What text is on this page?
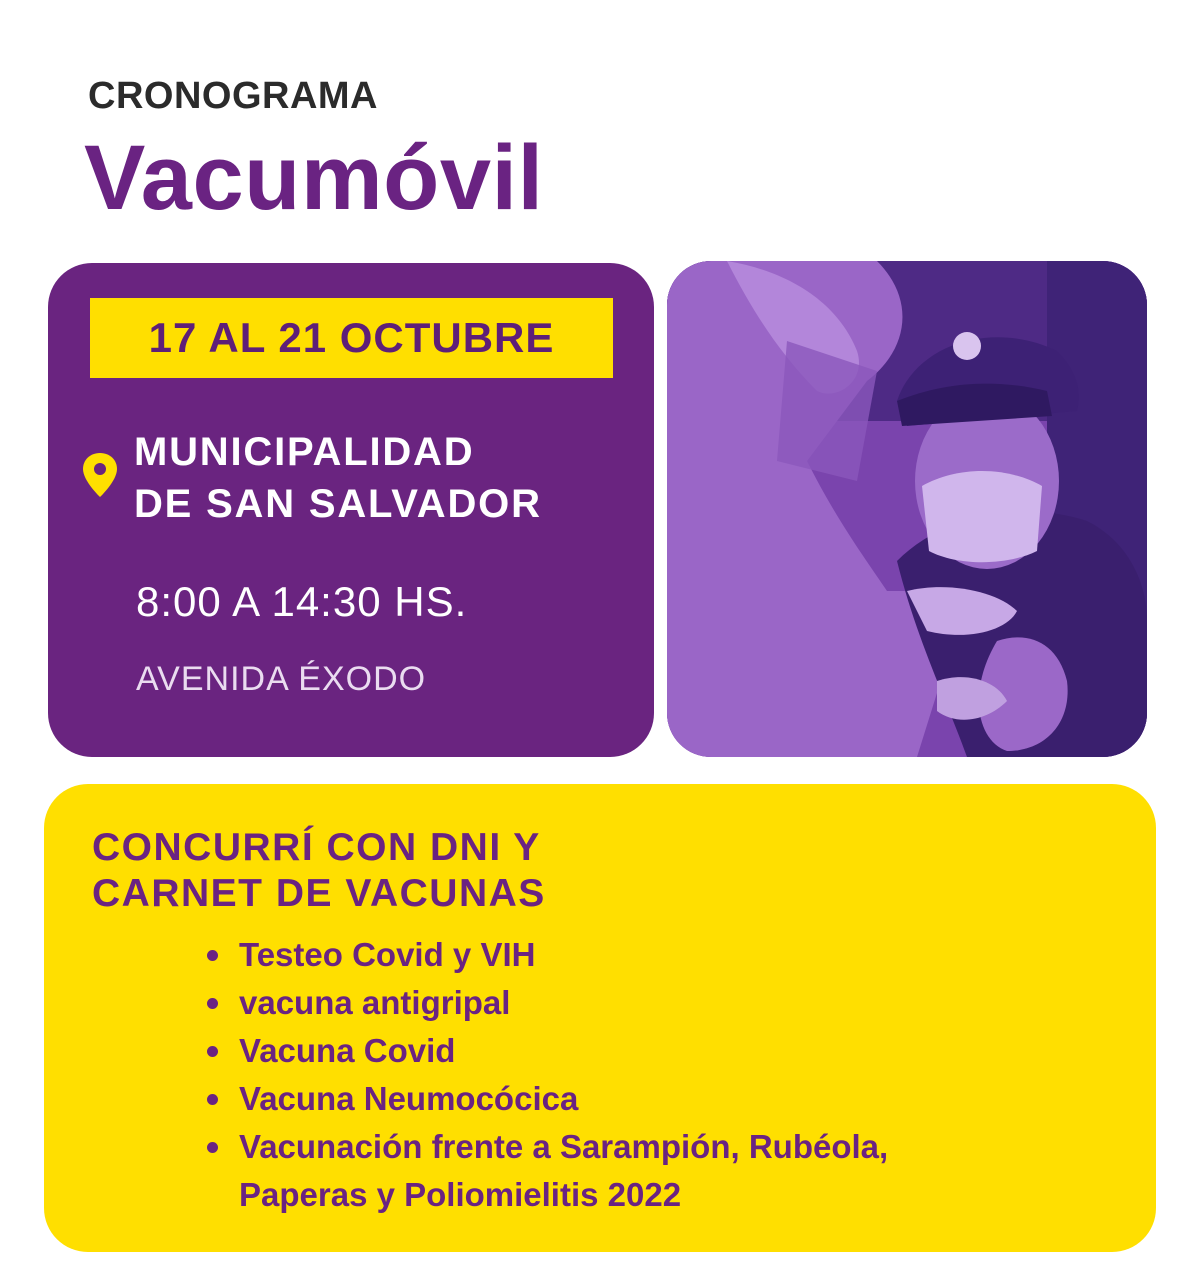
CRONOGRAMA
Vacumóvil
17 AL 21 OCTUBRE
MUNICIPALIDAD
DE SAN SALVADOR
8:00 A 14:30 HS.
AVENIDA ÉXODO
CONCURRÍ CON DNI Y
CARNET DE VACUNAS
Testeo Covid y VIH
vacuna antigripal
Vacuna Covid
Vacuna Neumocócica
Vacunación frente a Sarampión, Rubéola,
Paperas y Poliomielitis 2022
